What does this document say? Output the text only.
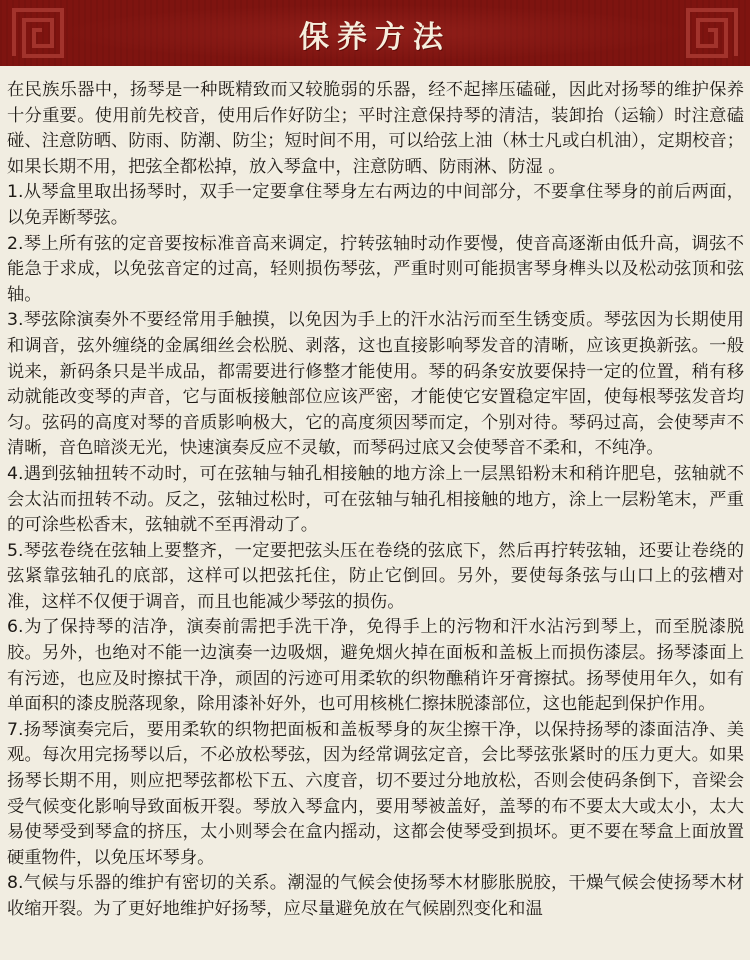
保养方法

在民族乐器中，扬琴是一种既精致而又较脆弱的乐器，经不起摔压磕碰，因此对扬琴的维护保养十分重要。使用前先校音，使用后作好防尘；平时注意保持琴的清洁，装卸抬（运输）时注意磕碰、注意防晒、防雨、防潮、防尘；短时间不用，可以给弦上油（林士凡或白机油），定期校音；如果长期不用，把弦全都松掉，放入琴盒中，注意防晒、防雨淋、防湿 。

1.从琴盒里取出扬琴时，双手一定要拿住琴身左右两边的中间部分，不要拿住琴身的前后两面，以免弄断琴弦。

2.琴上所有弦的定音要按标准音高来调定，拧转弦轴时动作要慢，使音高逐渐由低升高，调弦不能急于求成，以免弦音定的过高，轻则损伤琴弦，严重时则可能损害琴身榫头以及松动弦顶和弦轴。

3.琴弦除演奏外不要经常用手触摸，以免因为手上的汗水沾污而至生锈变质。琴弦因为长期使用和调音，弦外缠绕的金属细丝会松脱、剥落，这也直接影响琴发音的清晰，应该更换新弦。一般说来，新码条只是半成品，都需要进行修整才能使用。琴的码条安放要保持一定的位置，稍有移动就能改变琴的声音，它与面板接触部位应该严密，才能使它安置稳定牢固，使每根琴弦发音均匀。弦码的高度对琴的音质影响极大，它的高度须因琴而定，个别对待。琴码过高，会使琴声不清晰，音色暗淡无光，快速演奏反应不灵敏，而琴码过底又会使琴音不柔和，不纯净。

4.遇到弦轴扭转不动时，可在弦轴与轴孔相接触的地方涂上一层黑铅粉末和稍许肥皂，弦轴就不会太沾而扭转不动。反之，弦轴过松时，可在弦轴与轴孔相接触的地方，涂上一层粉笔末，严重的可涂些松香末，弦轴就不至再滑动了。

5.琴弦卷绕在弦轴上要整齐，一定要把弦头压在卷绕的弦底下，然后再拧转弦轴，还要让卷绕的弦紧靠弦轴孔的底部，这样可以把弦托住，防止它倒回。另外，要使每条弦与山口上的弦槽对准，这样不仅便于调音，而且也能减少琴弦的损伤。

6.为了保持琴的洁净，演奏前需把手洗干净，免得手上的污物和汗水沾污到琴上，而至脱漆脱胶。另外，也绝对不能一边演奏一边吸烟，避免烟火掉在面板和盖板上而损伤漆层。扬琴漆面上有污迹，也应及时擦拭干净，顽固的污迹可用柔软的织物醮稍许牙膏擦拭。扬琴使用年久，如有单面积的漆皮脱落现象，除用漆补好外，也可用核桃仁擦抹脱漆部位，这也能起到保护作用。

7.扬琴演奏完后，要用柔软的织物把面板和盖板琴身的灰尘擦干净，以保持扬琴的漆面洁净、美观。每次用完扬琴以后，不必放松琴弦，因为经常调弦定音，会比琴弦张紧时的压力更大。如果扬琴长期不用，则应把琴弦都松下五、六度音，切不要过分地放松，否则会使码条倒下，音梁会受气候变化影响导致面板开裂。琴放入琴盒内，要用琴被盖好，盖琴的布不要太大或太小，太大易使琴受到琴盒的挤压，太小则琴会在盒内摇动，这都会使琴受到损坏。更不要在琴盒上面放置硬重物件，以免压坏琴身。

8.气候与乐器的维护有密切的关系。潮湿的气候会使扬琴木材膨胀脱胶，干燥气候会使扬琴木材收缩开裂。为了更好地维护好扬琴，应尽量避免放在气候剧烈变化和温
